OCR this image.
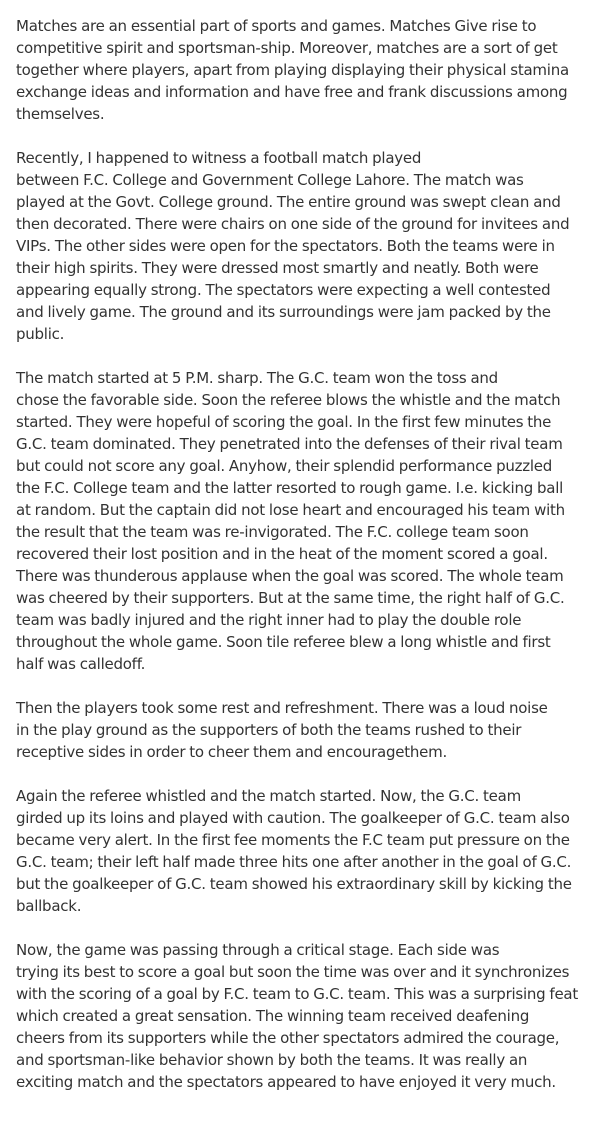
Matches are an essential part of sports and games. Matches Give rise to
competitive spirit and sportsman-ship. Moreover, matches are a sort of get
together where players, apart from playing displaying their physical stamina
exchange ideas and information and have free and frank discussions among
themselves.

Recently, I happened to witness a football match played
between F.C. College and Government College Lahore. The match was
played at the Govt. College ground. The entire ground was swept clean and
then decorated. There were chairs on one side of the ground for invitees and
VIPs. The other sides were open for the spectators. Both the teams were in
their high spirits. They were dressed most smartly and neatly. Both were
appearing equally strong. The spectators were expecting a well contested
and lively game. The ground and its surroundings were jam packed by the
public.

The match started at 5 P.M. sharp. The G.C. team won the toss and
chose the favorable side. Soon the referee blows the whistle and the match
started. They were hopeful of scoring the goal. In the first few minutes the
G.C. team dominated. They penetrated into the defenses of their rival team
but could not score any goal. Anyhow, their splendid performance puzzled
the F.C. College team and the latter resorted to rough game. I.e. kicking ball
at random. But the captain did not lose heart and encouraged his team with
the result that the team was re-invigorated. The F.C. college team soon
recovered their lost position and in the heat of the moment scored a goal.
There was thunderous applause when the goal was scored. The whole team
was cheered by their supporters. But at the same time, the right half of G.C.
team was badly injured and the right inner had to play the double role
throughout the whole game. Soon tile referee blew a long whistle and first
half was calledoff.

Then the players took some rest and refreshment. There was a loud noise
in the play ground as the supporters of both the teams rushed to their
receptive sides in order to cheer them and encouragethem.

Again the referee whistled and the match started. Now, the G.C. team
girded up its loins and played with caution. The goalkeeper of G.C. team also
became very alert. In the first fee moments the F.C team put pressure on the
G.C. team; their left half made three hits one after another in the goal of G.C.
but the goalkeeper of G.C. team showed his extraordinary skill by kicking the
ballback.

Now, the game was passing through a critical stage. Each side was
trying its best to score a goal but soon the time was over and it synchronizes
with the scoring of a goal by F.C. team to G.C. team. This was a surprising feat
which created a great sensation. The winning team received deafening
cheers from its supporters while the other spectators admired the courage,
and sportsman-like behavior shown by both the teams. It was really an
exciting match and the spectators appeared to have enjoyed it very much.
